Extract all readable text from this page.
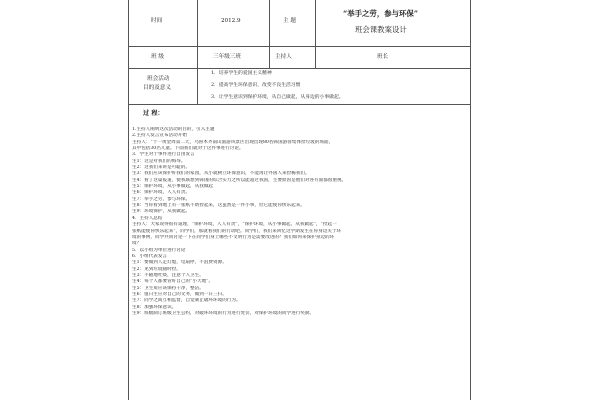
时间	2012.9	主 题
“举手之劳，参与环保”
班会课教案设计
班 级	三年级三班	主持人	班长
班会活动
目的及意义
1．培养学生的爱国主义精神
2．提高学生环保意识，改变不良生活习惯
3．让学生意识到保护环境，从自己做起，从身边的小事做起。
过 程：
1.主持人阐明这次活动的目的，引入主题
2.主持人发言宣布活动开始
主持人：“十一黄金周第二天，乌鲁木齐南山旅游风景区出现出现80名韩国游客集体捡垃圾的场面，
其中包括30名儿童。下面我们就对于这件事进行讨论。
3．学生对于事件进行自由发言
生1：这是对我们的侮辱。
生2：这我们来讲是可耻的。
生3：我们应该保护好我们的家园，从小就树立环保意识，不能再让外国人来捡稀我们。
生4：看了这篇报道，使我联想到韩国的综合实力之所以能超过我国，主要原因是他们对各方面都很重视。
生5：保护环境，从小事做起，从我做起
生6：保护环境，人人有责。
生7：举手之劳，参与环保。
生8：当你看到地上有一张纸不妨捡起来，这虽然是一件小事，但它能使你快乐起来。
生9：环境保护，从我做起。
4．主持人总结
主持人：大家说得很有道理，“保护环境，人人有责”，“保护环境，从小事做起，从我做起”，“捡起一
张纸能使你快乐起来”，同学们，那就看我们的行动吧。同学们，我们来回忆这学期发生在你身边关于环
境的事例，同学共同讨论一下在同学们身上哪些不文明行为是需要改进的？我们如何来保护身边的环
境？
5．以小组为单位进行讨论
6．小组代表发言
生1：要做到人走灯熄，电扇停，不浪费资源。
生2：见到垃圾随时捡。
生3：不随地吐痰，注意个人卫生。
生4：每个人都要管好自己的“小天地”。
生5：卫生角应该保持干净，整洁。
生6：值日生应对自己的文务，做到一日三扫。
生7：同学之间互相监督，自觉制止破坏环境的行为。
生8：加强环保意识。
生9：班级制订班级卫生公约，对破坏环境的行为进行处罚，对保护环境的同学进行奖励。
